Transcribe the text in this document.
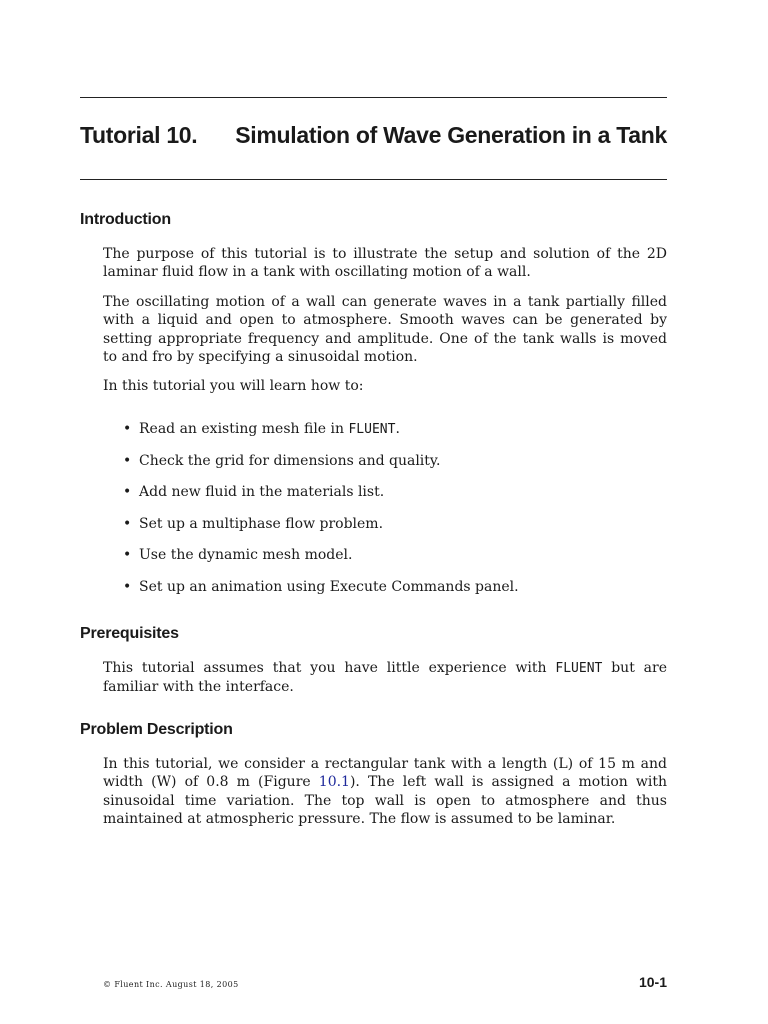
Tutorial 10. Simulation of Wave Generation in a Tank
Introduction

The purpose of this tutorial is to illustrate the setup and solution of the 2D laminar fluid flow in a tank with oscillating motion of a wall.

The oscillating motion of a wall can generate waves in a tank partially filled with a liquid and open to atmosphere. Smooth waves can be generated by setting appropriate frequency and amplitude. One of the tank walls is moved to and fro by specifying a sinusoidal motion.

In this tutorial you will learn how to:

• Read an existing mesh file in FLUENT.
• Check the grid for dimensions and quality.
• Add new fluid in the materials list.
• Set up a multiphase flow problem.
• Use the dynamic mesh model.
• Set up an animation using Execute Commands panel.
Prerequisites

This tutorial assumes that you have little experience with FLUENT but are familiar with the interface.

Problem Description

In this tutorial, we consider a rectangular tank with a length (L) of 15 m and width (W) of 0.8 m (Figure 10.1). The left wall is assigned a motion with sinusoidal time variation. The top wall is open to atmosphere and thus maintained at atmospheric pressure. The flow is assumed to be laminar.

© Fluent Inc. August 18, 2005	10-1
